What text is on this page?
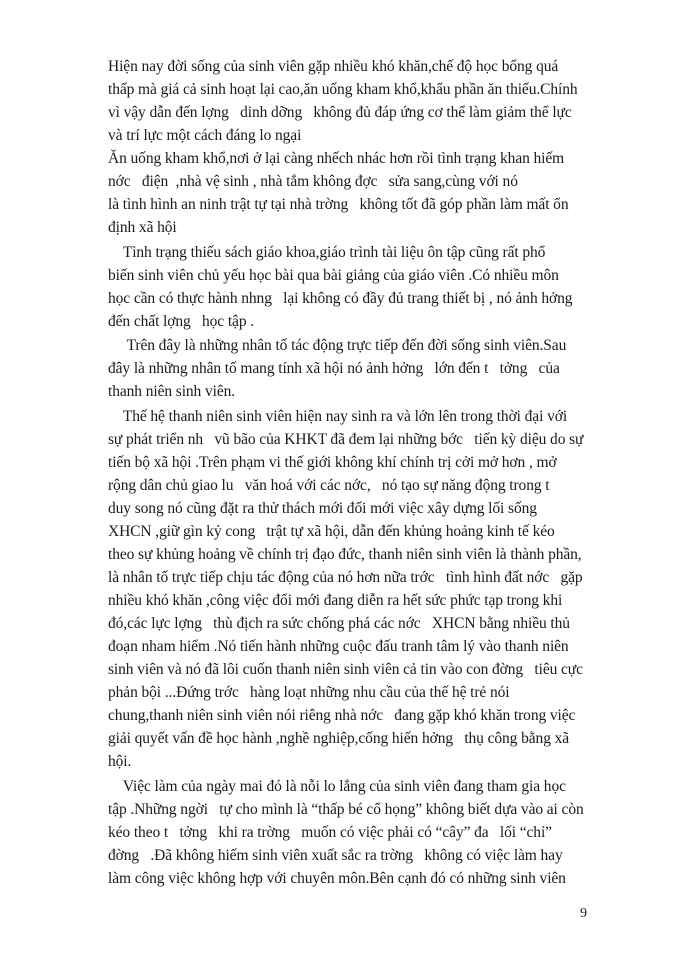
Hiện nay đời sống của sinh viên gặp nhiều khó khăn,chế độ học bổng quá
thấp mà giá cả sinh hoạt lại cao,ăn uống kham khổ,khẩu phần ăn thiếu.Chính
vì vậy dẫn đến lợng   dinh dỡng   không đủ đáp ứng cơ thể làm giảm thể lực
và trí lực một cách đáng lo ngại
Ăn uống kham khổ,nơi ở lại càng nhếch nhác hơn rồi tình trạng khan hiếm
nớc   điện  ,nhà vệ sinh , nhà tắm không đợc   sửa sang,cùng với nó
là tình hình an ninh trật tự tại nhà trờng   không tốt đã góp phần làm mất ổn
định xã hội
Tình trạng thiếu sách giáo khoa,giáo trình tài liệu ôn tập cũng rất phổ
biến sinh viên chủ yếu học bài qua bài giảng của giáo viên .Có nhiều môn
học cần có thực hành nhng   lại không có đầy đủ trang thiết bị , nó ảnh hởng
đến chất lợng   học tập .
Trên đây là những nhân tố tác động trực tiếp đến đời sống sinh viên.Sau
đây là những nhân tố mang tính xã hội nó ảnh hởng   lớn đến t   tởng   của
thanh niên sinh viên.
Thế hệ thanh niên sinh viên hiện nay sinh ra và lớn lên trong thời đại với
sự phát triển nh   vũ bão của KHKT đã đem lại những bớc   tiến kỳ diệu do sự
tiến bộ xã hội .Trên phạm vi thế giới không khí chính trị cởi mở hơn , mở
rộng dân chủ giao lu   văn hoá với các nớc,   nó tạo sự năng động trong t
duy song nó cũng đặt ra thử thách mới đối mới việc xây dựng lối sống
XHCN ,giữ gìn kỷ cong   trật tự xã hội, dẫn đến khủng hoảng kinh tế kéo
theo sự khủng hoảng về chính trị đạo đức, thanh niên sinh viên là thành phần,
là nhân tố trực tiếp chịu tác động của nó hơn nữa trớc   tình hình đất nớc   gặp
nhiều khó khăn ,công việc đổi mới đang diễn ra hết sức phức tạp trong khi
đó,các lực lợng   thù địch ra sức chống phá các nớc   XHCN bằng nhiều thủ
đoạn nham hiểm .Nó tiến hành những cuộc đấu tranh tâm lý vào thanh niên
sinh viên và nó đã lôi cuốn thanh niên sinh viên cả tin vào con đờng   tiêu cực
phản bội ...Đứng trớc   hàng loạt những nhu cầu của thế hệ trẻ nói
chung,thanh niên sinh viên nói riêng nhà nớc   đang gặp khó khăn trong việc
giải quyết vấn đề học hành ,nghề nghiệp,cống hiến hởng   thụ công bằng xã
hội.
Việc làm của ngày mai đó là nỗi lo lắng của sinh viên đang tham gia học
tập .Những ngời   tự cho mình là “thấp bé cổ họng” không biết dựa vào ai còn
kéo theo t   tởng   khi ra trờng   muốn có việc phải có “cây” đa   lối “chỉ”
đờng   .Đã không hiếm sinh viên xuất sắc ra trờng   không có việc làm hay
làm công việc không hợp với chuyên môn.Bên cạnh đó có những sinh viên
9
